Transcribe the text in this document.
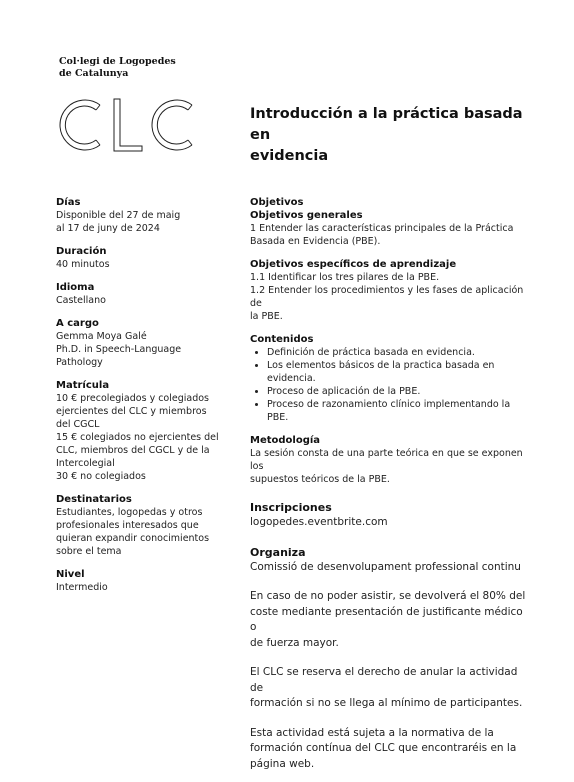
Col·legi de Logopedes
de Catalunya
Introducción a la práctica basada en
evidencia
Días
Disponible del 27 de maig
al 17 de juny de 2024
Duración
40 minutos
Idioma
Castellano
A cargo
Gemma Moya Galé
Ph.D. in Speech-Language
Pathology
Matrícula
10 € precolegiados y colegiados
ejercientes del CLC y miembros
del CGCL
15 € colegiados no ejercientes del
CLC, miembros del CGCL y de la
Intercolegial
30 € no colegiados
Destinatarios
Estudiantes, logopedas y otros
profesionales interesados que
quieran expandir conocimientos
sobre el tema
Nivel
Intermedio
Objetivos
Objetivos generales
1 Entender las características principales de la Práctica
Basada en Evidencia (PBE).
Objetivos específicos de aprendizaje
1.1 Identificar los tres pilares de la PBE.
1.2 Entender los procedimientos y les fases de aplicación de
la PBE.
Contenidos
• Definición de práctica basada en evidencia.
• Los elementos básicos de la practica basada en evidencia.
• Proceso de aplicación de la PBE.
• Proceso de razonamiento clínico implementando la PBE.
Metodología
La sesión consta de una parte teórica en que se exponen los
supuestos teóricos de la PBE.
Inscripciones
logopedes.eventbrite.com
Organiza
Comissió de desenvolupament professional continu
En caso de no poder asistir, se devolverá el 80% del
coste mediante presentación de justificante médico o
de fuerza mayor.
El CLC se reserva el derecho de anular la actividad de
formación si no se llega al mínimo de participantes.
Esta actividad está sujeta a la normativa de la
formación contínua del CLC que encontraréis en la
página web.
